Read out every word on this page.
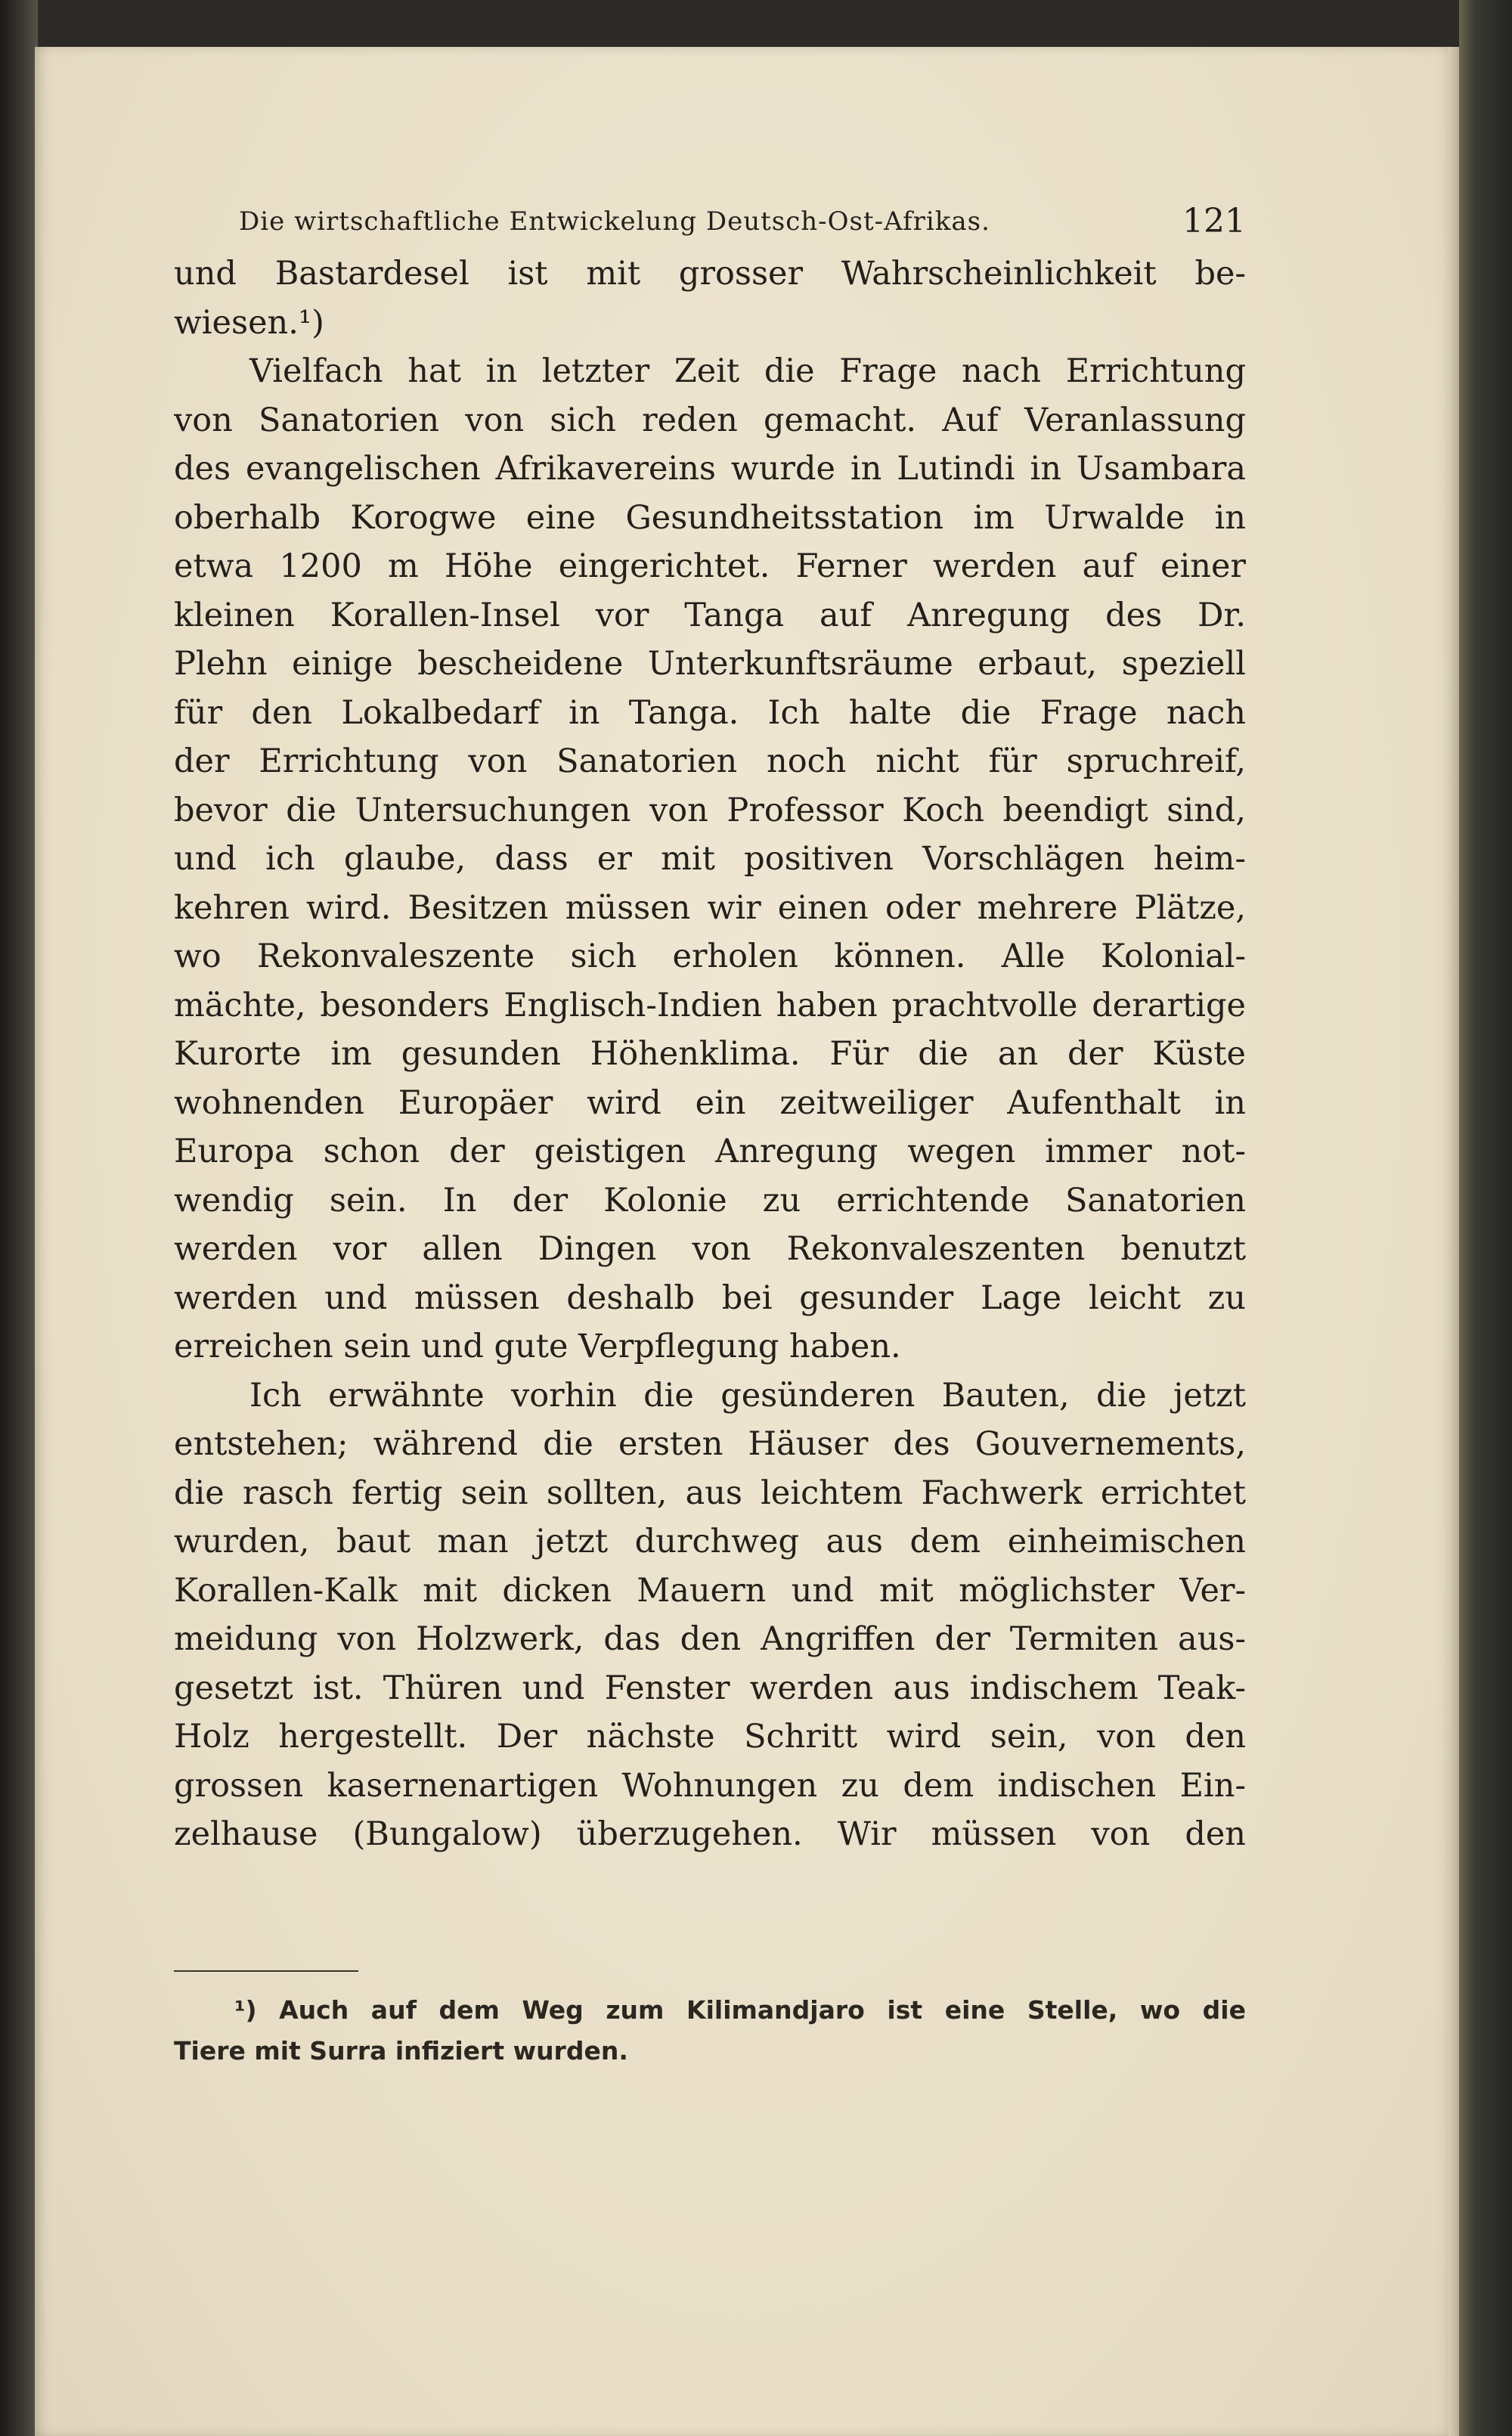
Die wirtschaftliche Entwickelung Deutsch-Ost-Afrikas.	121
und Bastardesel ist mit grosser Wahrscheinlichkeit be-
wiesen.¹)
Vielfach hat in letzter Zeit die Frage nach Errichtung
von Sanatorien von sich reden gemacht. Auf Veranlassung
des evangelischen Afrikavereins wurde in Lutindi in Usambara
oberhalb Korogwe eine Gesundheitsstation im Urwalde in
etwa 1200 m Höhe eingerichtet. Ferner werden auf einer
kleinen Korallen-Insel vor Tanga auf Anregung des Dr.
Plehn einige bescheidene Unterkunftsräume erbaut, speziell
für den Lokalbedarf in Tanga. Ich halte die Frage nach
der Errichtung von Sanatorien noch nicht für spruchreif,
bevor die Untersuchungen von Professor Koch beendigt sind,
und ich glaube, dass er mit positiven Vorschlägen heim-
kehren wird. Besitzen müssen wir einen oder mehrere Plätze,
wo Rekonvaleszente sich erholen können. Alle Kolonial-
mächte, besonders Englisch-Indien haben prachtvolle derartige
Kurorte im gesunden Höhenklima. Für die an der Küste
wohnenden Europäer wird ein zeitweiliger Aufenthalt in
Europa schon der geistigen Anregung wegen immer not-
wendig sein. In der Kolonie zu errichtende Sanatorien
werden vor allen Dingen von Rekonvaleszenten benutzt
werden und müssen deshalb bei gesunder Lage leicht zu
erreichen sein und gute Verpflegung haben.
Ich erwähnte vorhin die gesünderen Bauten, die jetzt
entstehen; während die ersten Häuser des Gouvernements,
die rasch fertig sein sollten, aus leichtem Fachwerk errichtet
wurden, baut man jetzt durchweg aus dem einheimischen
Korallen-Kalk mit dicken Mauern und mit möglichster Ver-
meidung von Holzwerk, das den Angriffen der Termiten aus-
gesetzt ist. Thüren und Fenster werden aus indischem Teak-
Holz hergestellt. Der nächste Schritt wird sein, von den
grossen kasernenartigen Wohnungen zu dem indischen Ein-
zelhause (Bungalow) überzugehen. Wir müssen von den
¹) Auch auf dem Weg zum Kilimandjaro ist eine Stelle, wo die
Tiere mit Surra infiziert wurden.
